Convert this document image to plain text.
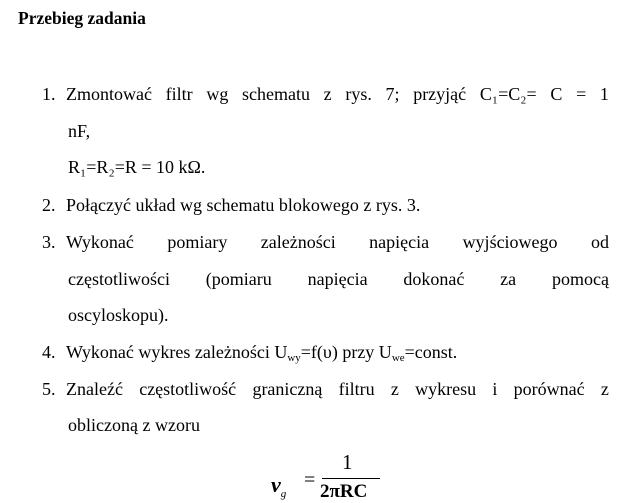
Przebieg zadania
1. Zmontować filtr wg schematu z rys. 7; przyjąć C₁=C₂= C = 1
nF,
R₁=R₂=R = 10 kΩ.
2. Połączyć układ wg schematu blokowego z rys. 3.
3. Wykonać pomiary zależności napięcia wyjściowego od
częstotliwości (pomiaru napięcia dokonać za pomocą
oscyloskopu).
4. Wykonać wykres zależności $U_{wy}=f(\upsilon)$ przy $U_{we}=const$.
5. Znaleźć częstotliwość graniczną filtru z wykresu i porównać z
obliczoną z wzoru
$\nu_g$
=
1
2πRC
